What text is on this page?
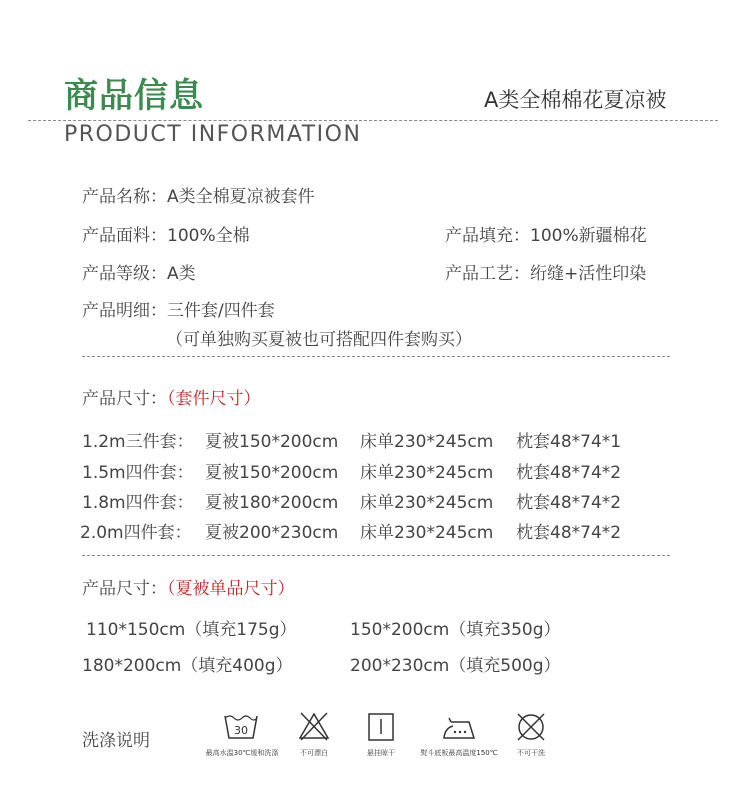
商品信息	A类全棉棉花夏凉被
PRODUCT INFORMATION
产品名称：A类全棉夏凉被套件
产品面料：100%全棉	产品填充：100%新疆棉花
产品等级：A类	产品工艺：绗缝+活性印染
产品明细：三件套/四件套
（可单独购买夏被也可搭配四件套购买）
产品尺寸：（套件尺寸）
1.2m三件套： 夏被150*200cm 床单230*245cm 枕套48*74*1
1.5m四件套： 夏被150*200cm 床单230*245cm 枕套48*74*2
1.8m四件套： 夏被180*200cm 床单230*245cm 枕套48*74*2
2.0m四件套： 夏被200*230cm 床单230*245cm 枕套48*74*2
产品尺寸：（夏被单品尺寸）
110*150cm（填充175g）	150*200cm（填充350g）
180*200cm（填充400g）	200*230cm（填充500g）
洗涤说明
30
最高水温30℃缓和洗涤	不可漂白	悬挂晾干	熨斗底板最高温度150℃	不可干洗
